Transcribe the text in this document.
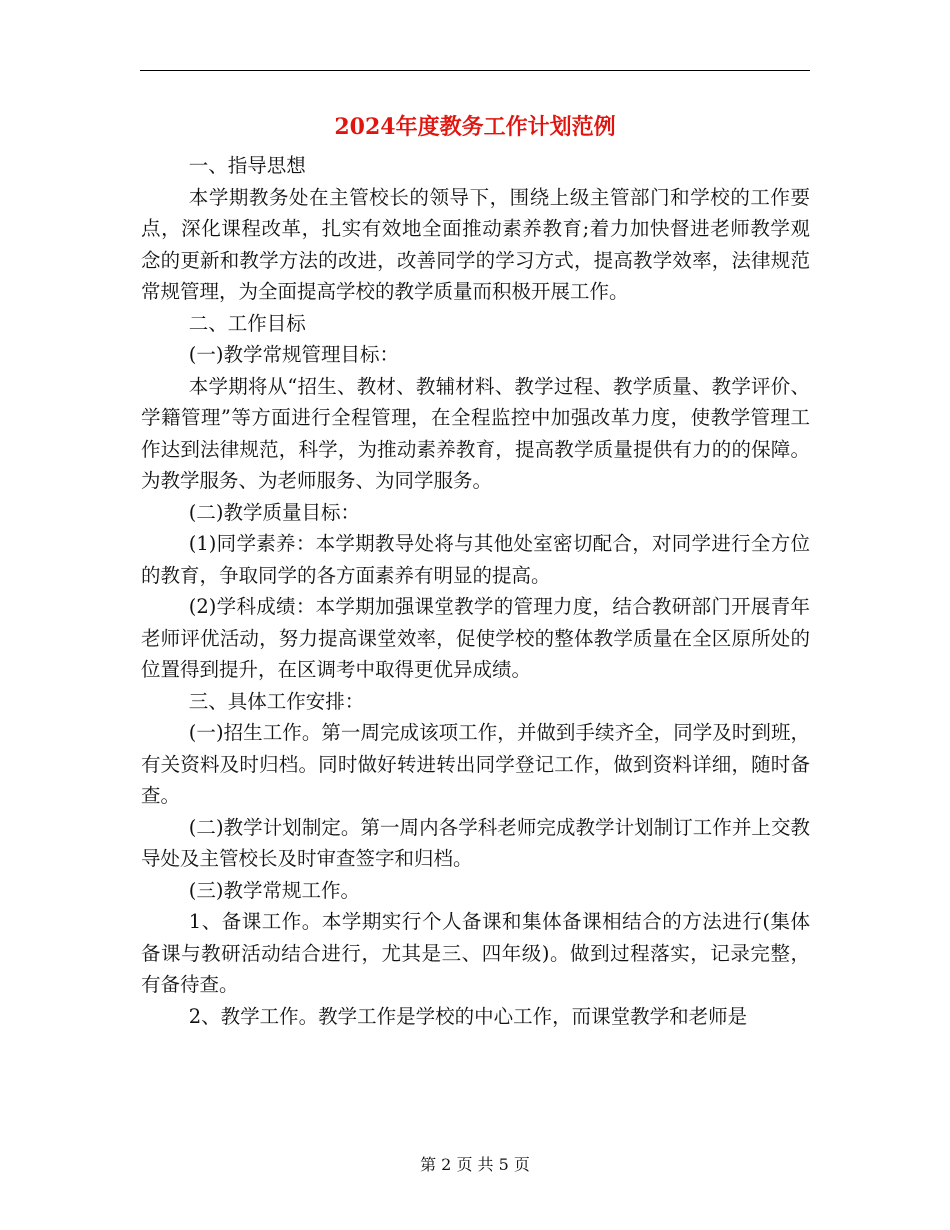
2024年度教务工作计划范例

一、指导思想

本学期教务处在主管校长的领导下，围绕上级主管部门和学校的工作要点，深化课程改革，扎实有效地全面推动素养教育;着力加快督进老师教学观念的更新和教学方法的改进，改善同学的学习方式，提高教学效率，法律规范常规管理，为全面提高学校的教学质量而积极开展工作。

二、工作目标

(一)教学常规管理目标：

本学期将从“招生、教材、教辅材料、教学过程、教学质量、教学评价、学籍管理”等方面进行全程管理，在全程监控中加强改革力度，使教学管理工作达到法律规范，科学，为推动素养教育，提高教学质量提供有力的的保障。为教学服务、为老师服务、为同学服务。

(二)教学质量目标：

(1)同学素养：本学期教导处将与其他处室密切配合，对同学进行全方位的教育，争取同学的各方面素养有明显的提高。

(2)学科成绩：本学期加强课堂教学的管理力度，结合教研部门开展青年老师评优活动，努力提高课堂效率，促使学校的整体教学质量在全区原所处的位置得到提升，在区调考中取得更优异成绩。

三、具体工作安排：

(一)招生工作。第一周完成该项工作，并做到手续齐全，同学及时到班，有关资料及时归档。同时做好转进转出同学登记工作，做到资料详细，随时备查。

(二)教学计划制定。第一周内各学科老师完成教学计划制订工作并上交教导处及主管校长及时审查签字和归档。

(三)教学常规工作。

1、备课工作。本学期实行个人备课和集体备课相结合的方法进行(集体备课与教研活动结合进行，尤其是三、四年级)。做到过程落实，记录完整，有备待查。

2、教学工作。教学工作是学校的中心工作，而课堂教学和老师是

第 2 页 共 5 页
